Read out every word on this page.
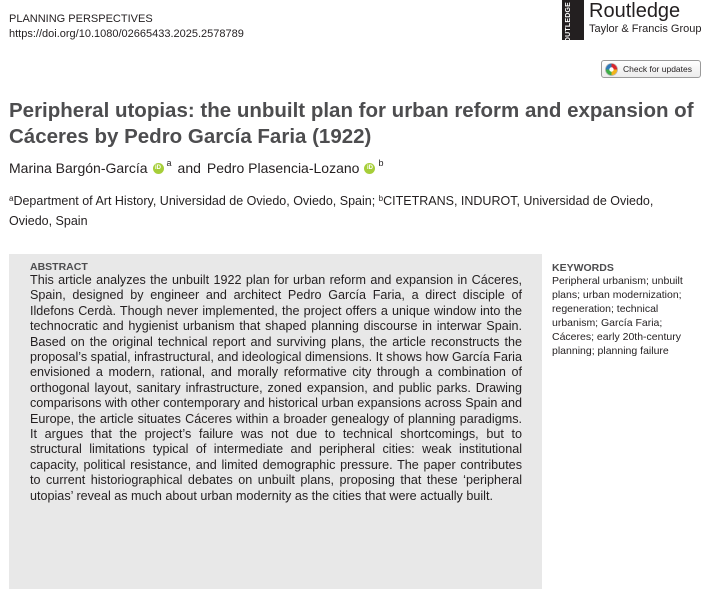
PLANNING PERSPECTIVES
https://doi.org/10.1080/02665433.2025.2578789	ROUTLEDGE Routledge
Taylor & Francis Group
Check for updates
Peripheral utopias: the unbuilt plan for urban reform and expansion of Cáceres by Pedro García Faria (1922)
Marina Bargón-García	iD a and Pedro Plasencia-Lozano	iD b
$^a$Department of Art History, Universidad de Oviedo, Oviedo, Spain; $^b$CITETRANS, INDUROT, Universidad de Oviedo, Oviedo, Spain
ABSTRACT

This article analyzes the unbuilt 1922 plan for urban reform and expansion in Cáceres, Spain, designed by engineer and architect Pedro García Faria, a direct disciple of Ildefons Cerdà. Though never implemented, the project offers a unique window into the technocratic and hygienist urbanism that shaped planning discourse in interwar Spain. Based on the original technical report and surviving plans, the article reconstructs the proposal’s spatial, infrastructural, and ideological dimensions. It shows how García Faria envisioned a modern, rational, and morally reformative city through a combination of orthogonal layout, sanitary infrastructure, zoned expansion, and public parks. Drawing comparisons with other contemporary and historical urban expansions across Spain and Europe, the article situates Cáceres within a broader genealogy of planning paradigms. It argues that the project’s failure was not due to technical shortcomings, but to structural limitations typical of intermediate and peripheral cities: weak institutional capacity, political resistance, and limited demographic pressure. The paper contributes to current historiographical debates on unbuilt plans, proposing that these ‘peripheral utopias’ reveal as much about urban modernity as the cities that were actually built.

KEYWORDS
Peripheral urbanism; unbuilt plans; urban modernization; regeneration; technical urbanism; García Faria; Cáceres; early 20th-century planning; planning failure
